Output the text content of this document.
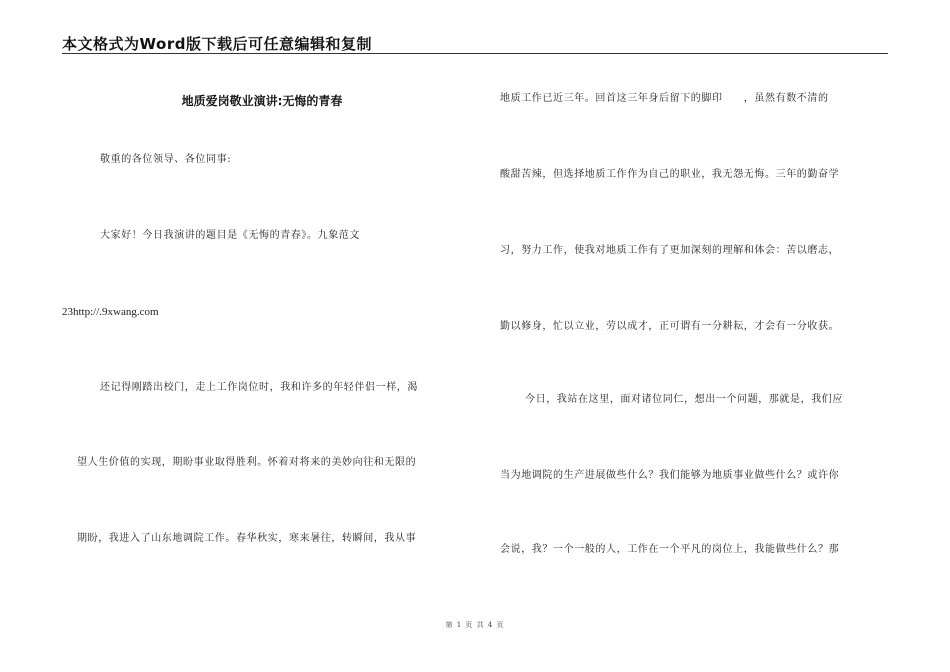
本文格式为Word版下载后可任意编辑和复制
地质爱岗敬业演讲:无悔的青春
敬重的各位领导、各位同事:
大家好！今日我演讲的题目是《无悔的青春》。九象范文
23http://.9xwang.com
还记得刚踏出校门，走上工作岗位时，我和许多的年轻伴侣一样，渴
望人生价值的实现，期盼事业取得胜利。怀着对将来的美妙向往和无限的
期盼，我进入了山东地调院工作。春华秋实，寒来暑往，转瞬间，我从事
地质工作已近三年。回首这三年身后留下的脚印　　，虽然有数不清的
酸甜苦辣，但选择地质工作作为自己的职业，我无怨无悔。三年的勤奋学
习，努力工作，使我对地质工作有了更加深刻的理解和体会：苦以磨志，
勤以修身，忙以立业，劳以成才，正可谓有一分耕耘，才会有一分收获。
今日，我站在这里，面对诸位同仁，想出一个问题，那就是，我们应
当为地调院的生产进展做些什么？我们能够为地质事业做些什么？或许你
会说，我？一个一般的人，工作在一个平凡的岗位上，我能做些什么？那
第 1 页 共 4 页
